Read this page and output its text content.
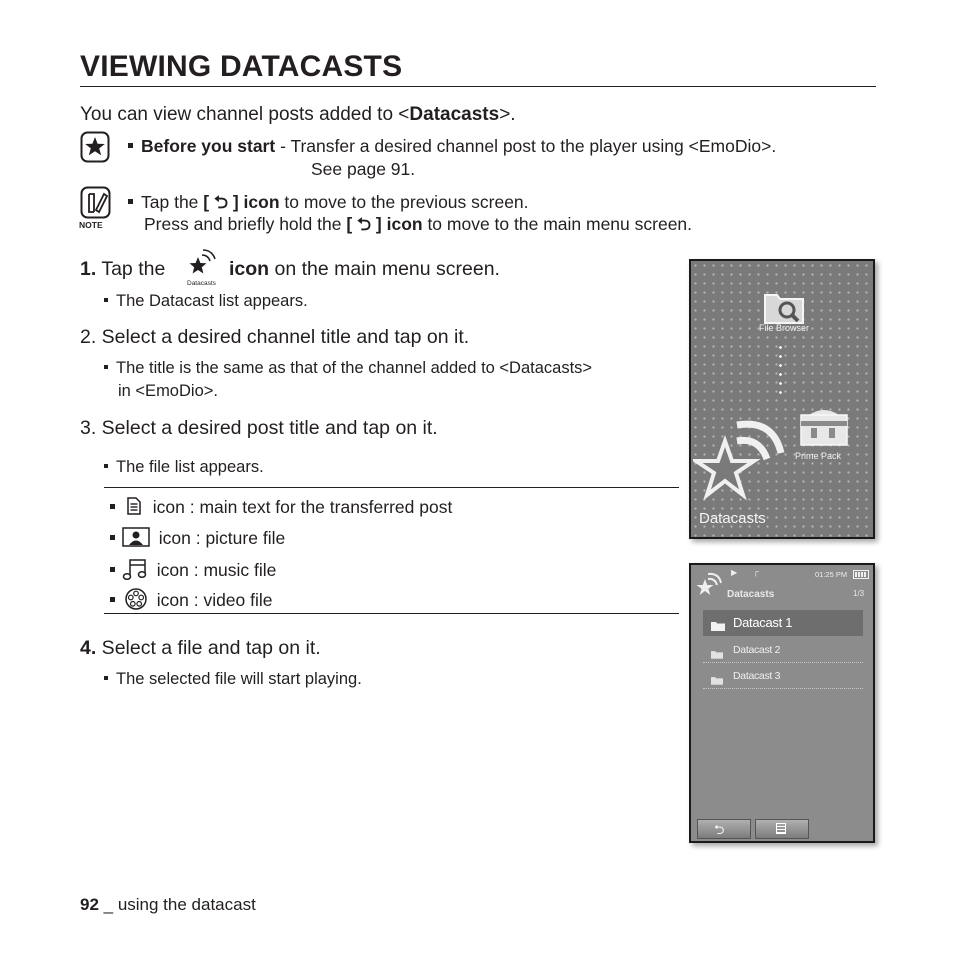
VIEWING DATACASTS
You can view channel posts added to <Datacasts>.
Before you start - Transfer a desired channel post to the player using <EmoDio>.
See page 91.
NOTE
Tap the [ ⮌ ] icon to move to the previous screen.
Press and briefly hold the [ ⮌ ] icon to move to the main menu screen.
1. Tap the
Datacasts
icon on the main menu screen.
The Datacast list appears.
2. Select a desired channel title and tap on it.
The title is the same as that of the channel added to <Datacasts>
in <EmoDio>.
3. Select a desired post title and tap on it.
The file list appears.
icon : main text for the transferred post
icon : picture file
icon : music file
icon : video file
4. Select a file and tap on it.
The selected file will start playing.
File Browser
Prime Pack
Datacasts
▶ ┌	01:25 PM
Datacasts	1/3
Datacast 1
Datacast 2
Datacast 3
⮌
92 _ using the datacast
